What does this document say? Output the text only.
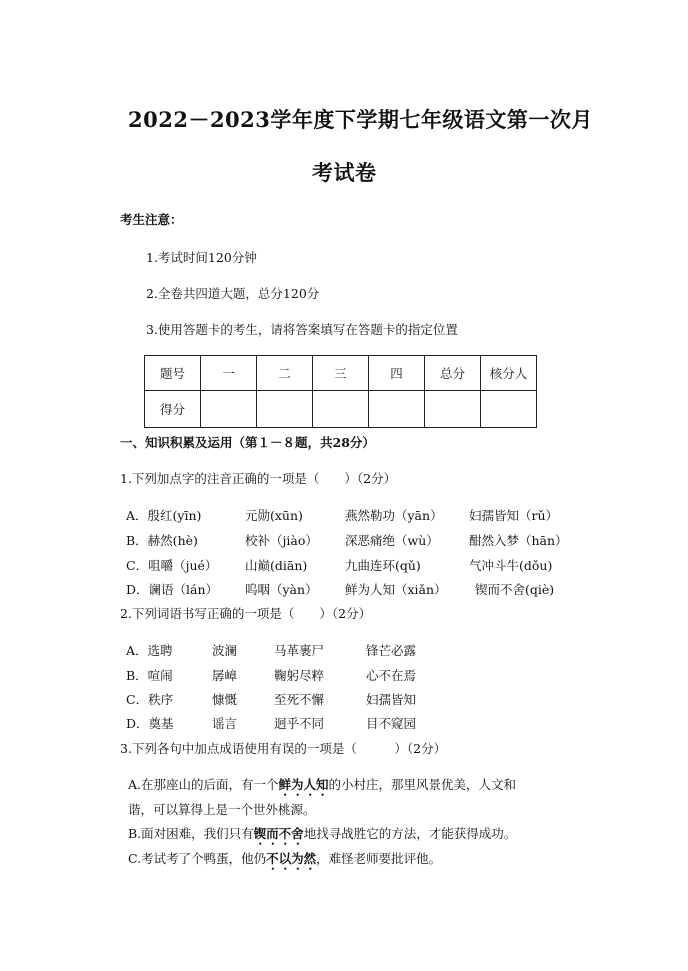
2022－2023学年度下学期七年级语文第一次月
考试卷
考生注意：
1.考试时间120分钟
2.全卷共四道大题，总分120分
3.使用答题卡的考生，请将答案填写在答题卡的指定位置
题号	一	二	三	四	总分	核分人
得分						
一、知识积累及运用（第１－８题，共28分）
1.下列加点字的注音正确的一项是（　　）（2分）
A．殷红(yīn)	元勋(xūn)	燕然勒功（yān） 妇孺皆知（rǔ）
B．赫然(hè)	校补（jiào） 深恶痛绝（wù） 酣然入梦（hān）
C．咀嚼（jué） 山巅(diān)	九曲连环(qǔ)	气冲斗牛(dǒu)
D．谰语（lán） 呜咽（yàn） 鲜为人知（xiǎn） 锲而不舍(qiè)
2.下列词语书写正确的一项是（　　）（2分）
A．选聘	波澜	马革裹尸	锋芒必露
B．喧闹	孱嶂	鞠躬尽粹	心不在焉
C．秩序	慷慨	至死不懈	妇孺皆知
D．奠基	谣言	迥乎不同	目不窥园
3.下列各句中加点成语使用有误的一项是（　　　）（2分）
A.在那座山的后面，有一个鲜为人知的小村庄，那里风景优美，人文和
谐，可以算得上是一个世外桃源。
B.面对困难，我们只有锲而不舍地找寻战胜它的方法，才能获得成功。
C.考试考了个鸭蛋，他仍不以为然，难怪老师要批评他。
